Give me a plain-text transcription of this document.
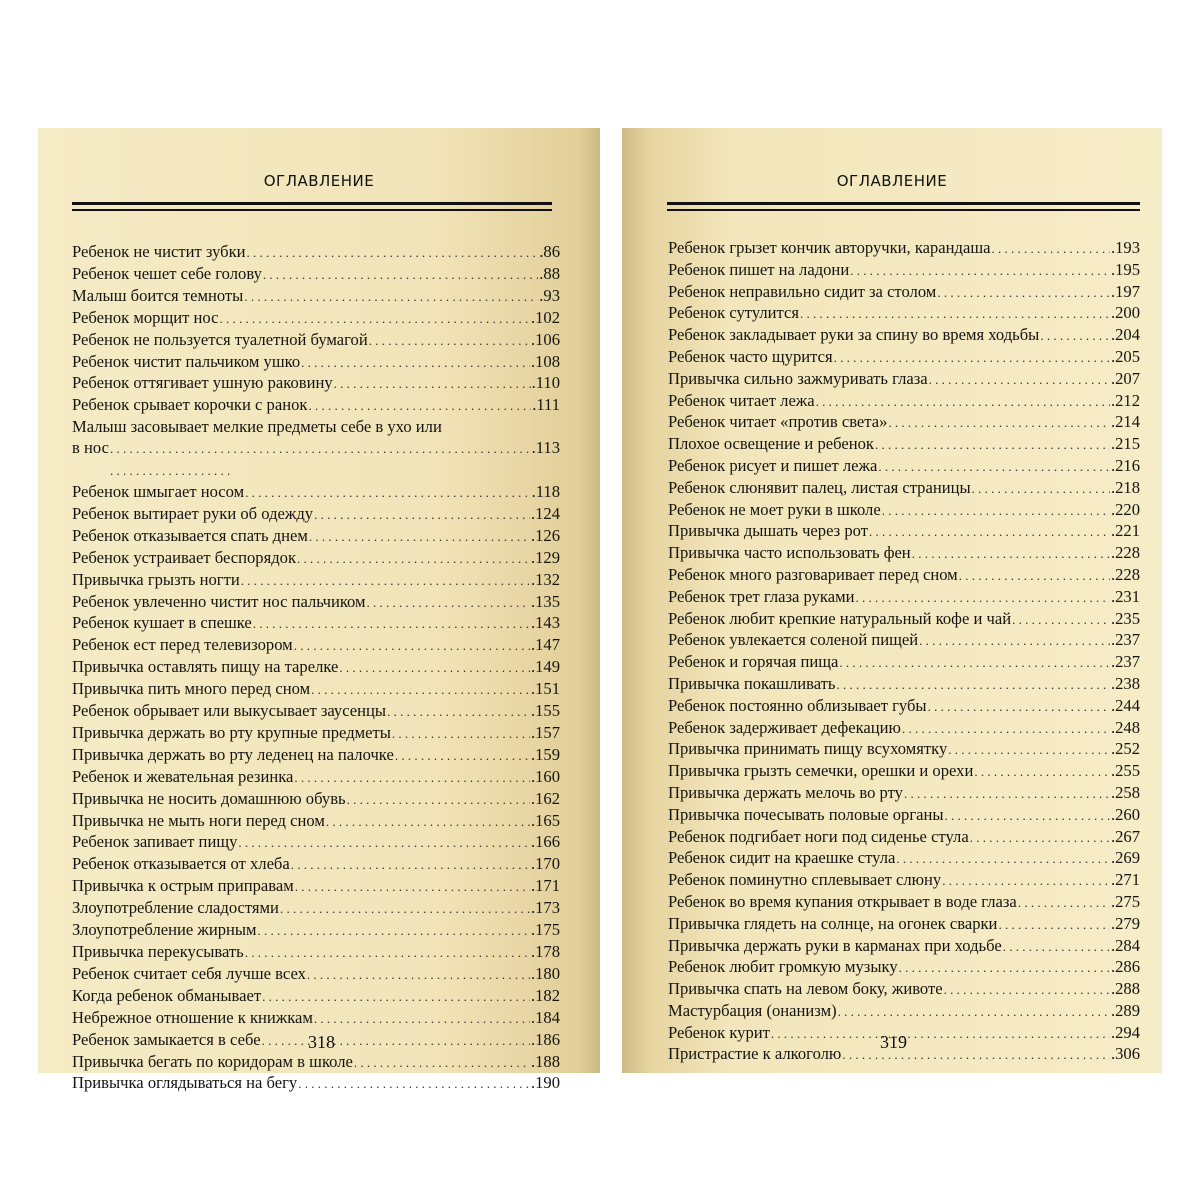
ОГЛАВЛЕНИЕ
Ребенок не чистит зубки . . .	.86
Ребенок чешет себе голову . . .	.88
Малыш боится темноты . . .	.93
Ребенок морщит нос . . .	.102
Ребенок не пользуется туалетной бумагой . . .	.106
Ребенок чистит пальчиком ушко . . .	.108
Ребенок оттягивает ушную раковину . . .	.110
Ребенок срывает корочки с ранок . . .	.111
Малыш засовывает мелкие предметы себе в ухо или
в нос . . .	.113
Ребенок шмыгает носом . . .	.118
Ребенок вытирает руки об одежду . . .	.124
Ребенок отказывается спать днем . . .	.126
Ребенок устраивает беспорядок . . .	.129
Привычка грызть ногти . . .	.132
Ребенок увлеченно чистит нос пальчиком . . .	.135
Ребенок кушает в спешке . . .	.143
Ребенок ест перед телевизором . . .	.147
Привычка оставлять пищу на тарелке . . .	.149
Привычка пить много перед сном . . .	.151
Ребенок обрывает или выкусывает заусенцы . . .	.155
Привычка держать во рту крупные предметы . . .	.157
Привычка держать во рту леденец на палочке . . .	.159
Ребенок и жевательная резинка . . .	.160
Привычка не носить домашнюю обувь . . .	.162
Привычка не мыть ноги перед сном . . .	.165
Ребенок запивает пищу . . .	.166
Ребенок отказывается от хлеба . . .	.170
Привычка к острым приправам . . .	.171
Злоупотребление сладостями . . .	.173
Злоупотребление жирным . . .	.175
Привычка перекусывать . . .	.178
Ребенок считает себя лучше всех . . .	.180
Когда ребенок обманывает . . .	.182
Небрежное отношение к книжкам . . .	.184
Ребенок замыкается в себе . . .	.186
Привычка бегать по коридорам в школе . . .	.188
Привычка оглядываться на бегу . . .	.190
318
ОГЛАВЛЕНИЕ
Ребенок грызет кончик авторучки, карандаша . . .	.193
Ребенок пишет на ладони . . .	.195
Ребенок неправильно сидит за столом . . .	.197
Ребенок сутулится . . .	.200
Ребенок закладывает руки за спину во время ходьбы . . .	.204
Ребенок часто щурится . . .	.205
Привычка сильно зажмуривать глаза . . .	.207
Ребенок читает лежа . . .	.212
Ребенок читает «против света» . . .	.214
Плохое освещение и ребенок . . .	.215
Ребенок рисует и пишет лежа . . .	.216
Ребенок слюнявит палец, листая страницы . . .	.218
Ребенок не моет руки в школе . . .	.220
Привычка дышать через рот . . .	.221
Привычка часто использовать фен . . .	.228
Ребенок много разговаривает перед сном . . .	.228
Ребенок трет глаза руками . . .	.231
Ребенок любит крепкие натуральный кофе и чай . . .	.235
Ребенок увлекается соленой пищей . . .	.237
Ребенок и горячая пища . . .	.237
Привычка покашливать . . .	.238
Ребенок постоянно облизывает губы . . .	.244
Ребенок задерживает дефекацию . . .	.248
Привычка принимать пищу всухомятку . . .	.252
Привычка грызть семечки, орешки и орехи . . .	.255
Привычка держать мелочь во рту . . .	.258
Привычка почесывать половые органы . . .	.260
Ребенок подгибает ноги под сиденье стула . . .	.267
Ребенок сидит на краешке стула . . .	.269
Ребенок поминутно сплевывает слюну . . .	.271
Ребенок во время купания открывает в воде глаза . . .	.275
Привычка глядеть на солнце, на огонек сварки . . .	.279
Привычка держать руки в карманах при ходьбе . . .	.284
Ребенок любит громкую музыку . . .	.286
Привычка спать на левом боку, животе . . .	.288
Мастурбация (онанизм) . . .	.289
Ребенок курит . . .	.294
Пристрастие к алкоголю . . .	.306
319
